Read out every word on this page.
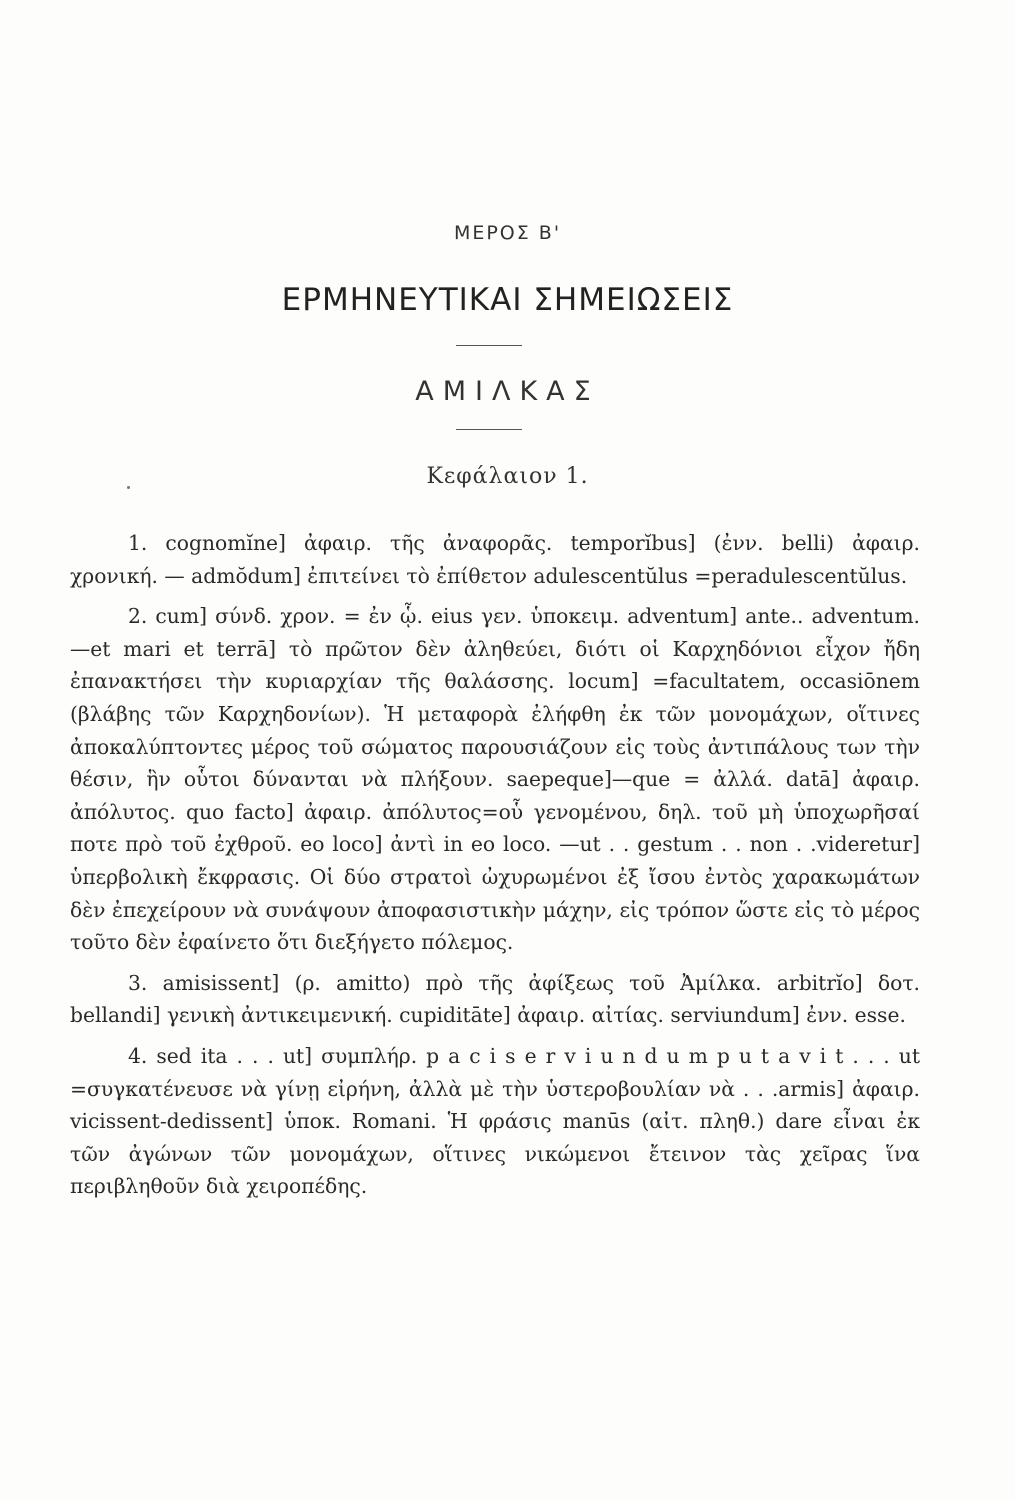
ΜΕΡΟΣ Β'
ΕΡΜΗΝΕΥΤΙΚΑΙ ΣΗΜΕΙΩΣΕΙΣ
ΑΜΙΛΚΑΣ
Κεφάλαιον 1.

1. cognomĭne] ἀφαιρ. τῆς ἀναφορᾶς. temporĭbus] (ἐνν. belli) ἀφαιρ. χρονική. — admŏdum] ἐπιτείνει τὸ ἐπίθετον adulescentŭlus =peradulescentŭlus.

2. cum] σύνδ. χρον. = ἐν ᾧ. eius γεν. ὑποκειμ. adventum] ante.. adventum.—et mari et terrā] τὸ πρῶτον δὲν ἀληθεύει, διότι οἱ Καρχηδόνιοι εἶχον ἤδη ἐπανακτήσει τὴν κυριαρχίαν τῆς θαλάσσης. locum] =facultatem, occasiōnem (βλάβης τῶν Καρχηδονίων). Ἡ μεταφορὰ ἐλήφθη ἐκ τῶν μονομάχων, οἵτινες ἀποκαλύπτοντες μέρος τοῦ σώματος παρουσιάζουν εἰς τοὺς ἀντιπάλους των τὴν θέσιν, ἣν οὗτοι δύνανται νὰ πλήξουν. saepeque]—que = ἀλλά. datā] ἀφαιρ. ἀπόλυτος. quo facto] ἀφαιρ. ἀπόλυτος=οὗ γενομένου, δηλ. τοῦ μὴ ὑποχωρῆσαί ποτε πρὸ τοῦ ἐχθροῦ. eo loco] ἀντὶ in eo loco. —ut . . gestum . . non . .videretur] ὑπερβολικὴ ἔκφρασις. Οἱ δύο στρατοὶ ὠχυρωμένοι ἐξ ἴσου ἐντὸς χαρακωμάτων δὲν ἐπεχείρουν νὰ συνάψουν ἀποφασιστικὴν μάχην, εἰς τρόπον ὥστε εἰς τὸ μέρος τοῦτο δὲν ἐφαίνετο ὅτι διεξήγετο πόλεμος.

3. amisissent] (ρ. amitto) πρὸ τῆς ἀφίξεως τοῦ Ἀμίλκα. arbitrĭo] δοτ. bellandi] γενικὴ ἀντικειμενική. cupiditāte] ἀφαιρ. αἰτίας. serviundum] ἐνν. esse.

4. sed ita . . . ut] συμπλήρ. p a c i s e r v i u n d u m p u t a v i t . . . ut =συγκατένευσε νὰ γίνῃ εἰρήνη, ἀλλὰ μὲ τὴν ὑστεροβουλίαν νὰ . . .armis] ἀφαιρ. vicissent-dedissent] ὑποκ. Romani. Ἡ φράσις manūs (αἰτ. πληθ.) dare εἶναι ἐκ τῶν ἀγώνων τῶν μονομάχων, οἵτινες νικώμενοι ἔτεινον τὰς χεῖρας ἵνα περιβληθοῦν διὰ χειροπέδης.
